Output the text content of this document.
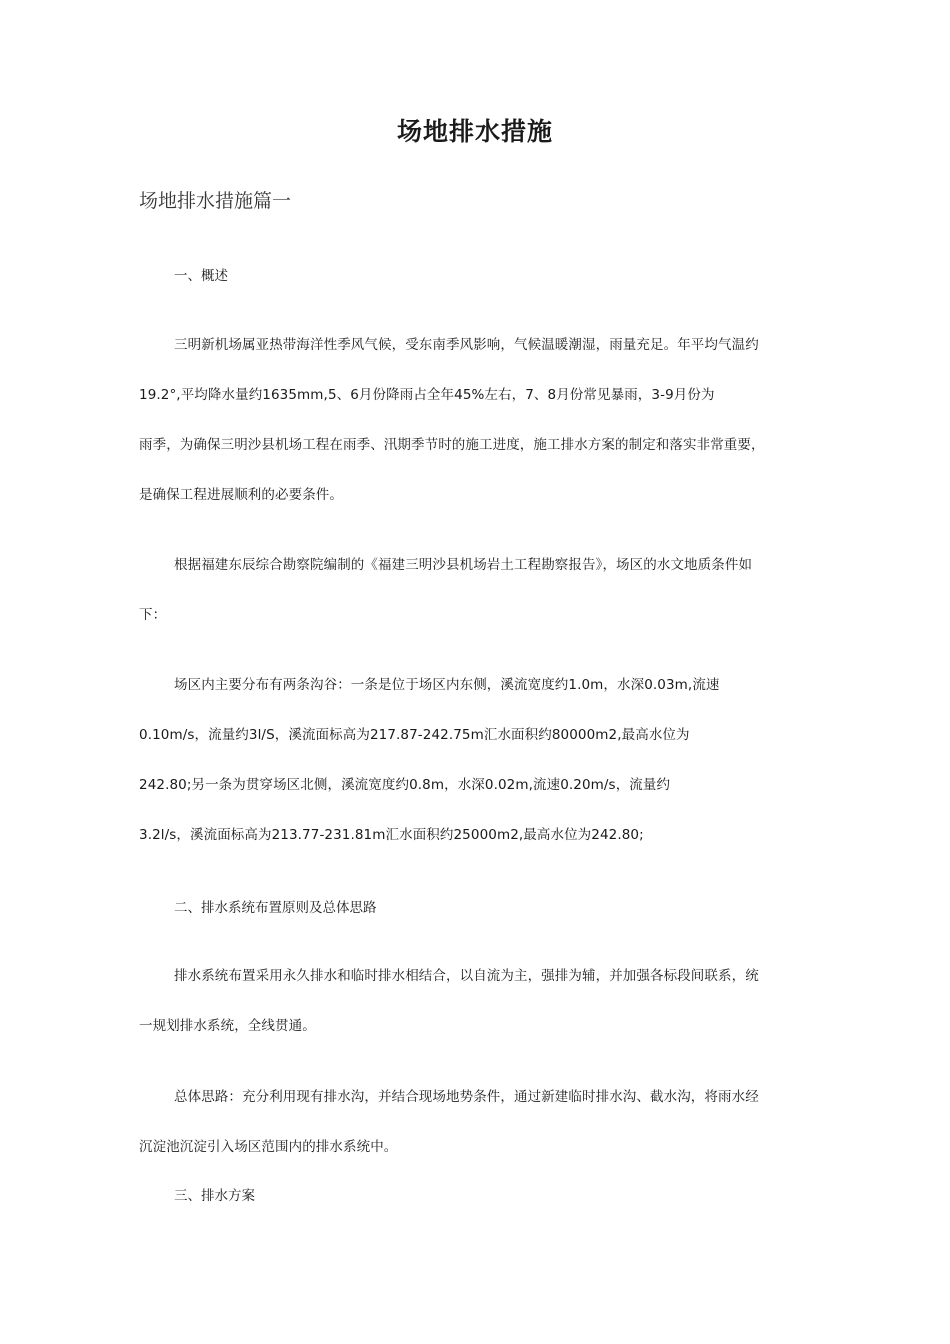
场地排水措施
场地排水措施篇一
一、概述
三明新机场属亚热带海洋性季风气候，受东南季风影响，气候温暖潮湿，雨量充足。年平均气温约
19.2°,平均降水量约1635mm,5、6月份降雨占全年45%左右，7、8月份常见暴雨，3-9月份为
雨季，为确保三明沙县机场工程在雨季、汛期季节时的施工进度，施工排水方案的制定和落实非常重要，
是确保工程进展顺利的必要条件。
根据福建东辰综合勘察院编制的《福建三明沙县机场岩土工程勘察报告》，场区的水文地质条件如
下：
场区内主要分布有两条沟谷：一条是位于场区内东侧，溪流宽度约1.0m，水深0.03m,流速
0.10m/s，流量约3l/S，溪流面标高为217.87-242.75m汇水面积约80000m2,最高水位为
242.80;另一条为贯穿场区北侧，溪流宽度约0.8m，水深0.02m,流速0.20m/s，流量约
3.2l/s，溪流面标高为213.77-231.81m汇水面积约25000m2,最高水位为242.80;
二、排水系统布置原则及总体思路
排水系统布置采用永久排水和临时排水相结合，以自流为主，强排为辅，并加强各标段间联系，统
一规划排水系统，全线贯通。
总体思路：充分利用现有排水沟，并结合现场地势条件，通过新建临时排水沟、截水沟，将雨水经
沉淀池沉淀引入场区范围内的排水系统中。
三、排水方案
